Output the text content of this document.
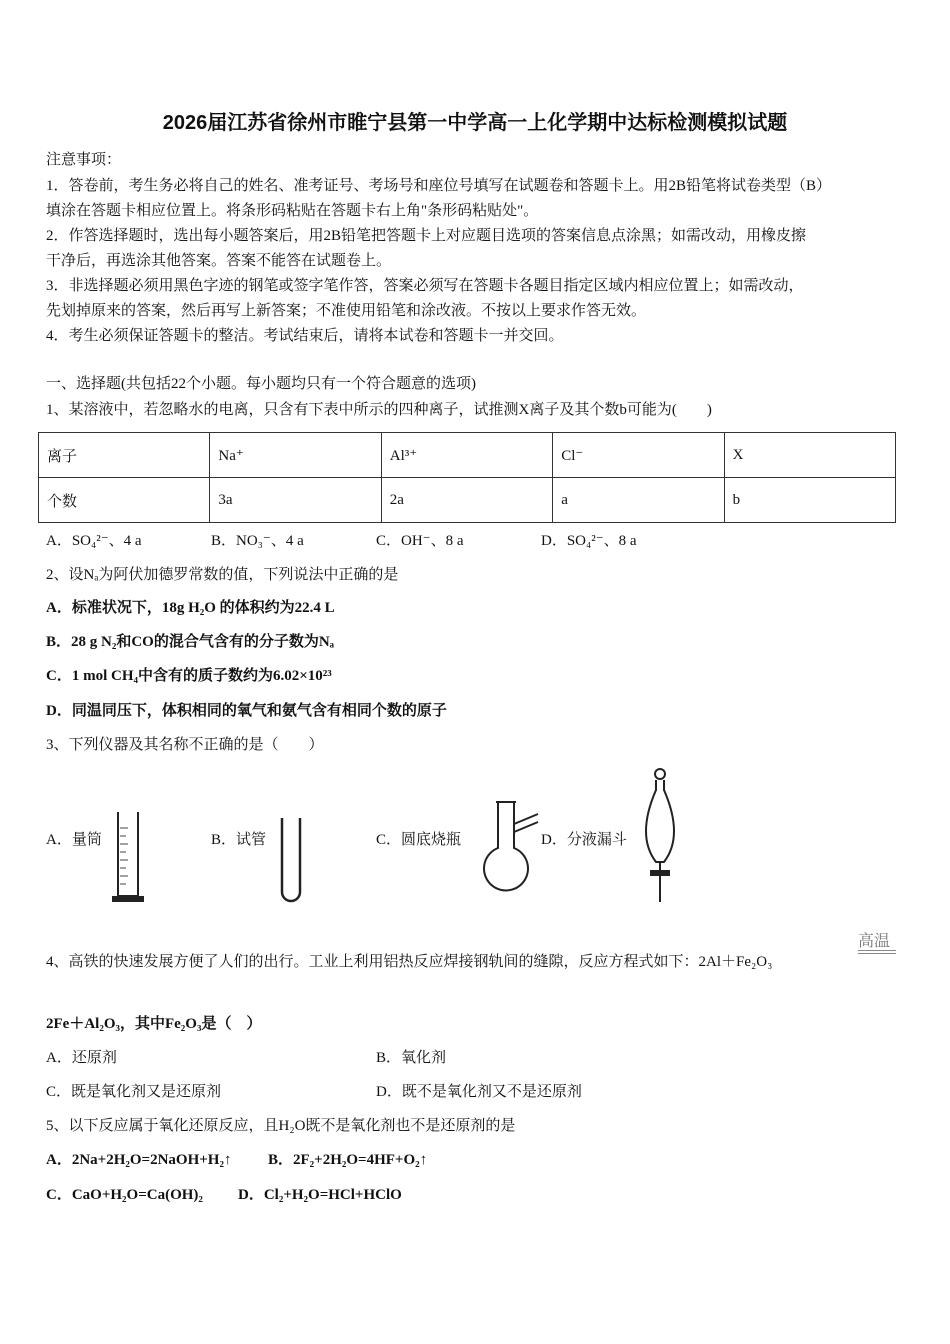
2026届江苏省徐州市睢宁县第一中学高一上化学期中达标检测模拟试题
注意事项：
1．答卷前，考生务必将自己的姓名、准考证号、考场号和座位号填写在试题卷和答题卡上。用2B铅笔将试卷类型（B）
填涂在答题卡相应位置上。将条形码粘贴在答题卡右上角"条形码粘贴处"。
2．作答选择题时，选出每小题答案后，用2B铅笔把答题卡上对应题目选项的答案信息点涂黑；如需改动，用橡皮擦
干净后，再选涂其他答案。答案不能答在试题卷上。
3．非选择题必须用黑色字迹的钢笔或签字笔作答，答案必须写在答题卡各题目指定区域内相应位置上；如需改动，
先划掉原来的答案，然后再写上新答案；不准使用铅笔和涂改液。不按以上要求作答无效。
4．考生必须保证答题卡的整洁。考试结束后，请将本试卷和答题卡一并交回。
一、选择题(共包括22个小题。每小题均只有一个符合题意的选项)
1、某溶液中，若忽略水的电离，只含有下表中所示的四种离子，试推测X离子及其个数b可能为(　　)
离子	Na⁺	Al³⁺	Cl⁻	X
个数	3a	2a	a	b
A．SO₄²⁻、4 a	B．NO₃⁻、4 a	C．OH⁻、8 a	D．SO₄²⁻、8 a
2、设Nₐ为阿伏加德罗常数的值，下列说法中正确的是
A．标准状况下，18g H₂O 的体积约为22.4 L
B．28 g N₂和CO的混合气含有的分子数为Nₐ
C．1 mol CH₄中含有的质子数约为6.02×10²³
D．同温同压下，体积相同的氧气和氨气含有相同个数的原子
3、下列仪器及其名称不正确的是（　　）
A．量筒	B．试管	C．圆底烧瓶	D．分液漏斗
高温
4、高铁的快速发展方便了人们的出行。工业上利用铝热反应焊接钢轨间的缝隙，反应方程式如下：2Al＋Fe₂O₃
2Fe＋Al₂O₃，其中Fe₂O₃是（　）
A．还原剂	B．氧化剂
C．既是氧化剂又是还原剂	D．既不是氧化剂又不是还原剂
5、以下反应属于氧化还原反应，且H₂O既不是氧化剂也不是还原剂的是
A．2Na+2H₂O=2NaOH+H₂↑ B．2F₂+2H₂O=4HF+O₂↑
C．CaO+H₂O=Ca(OH)₂ D．Cl₂+H₂O=HCl+HClO
